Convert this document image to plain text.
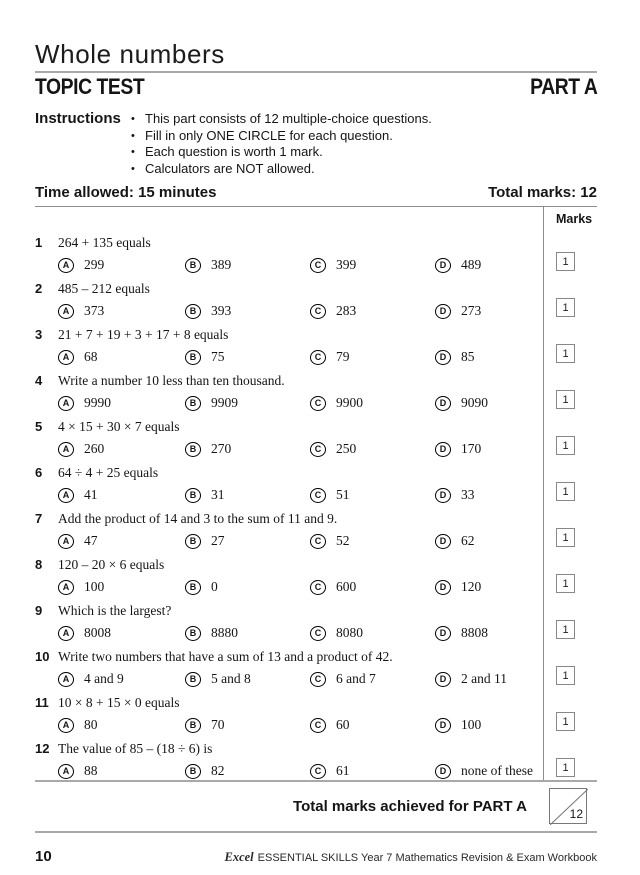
Whole numbers
TOPIC TEST	PART A
Instructions • This part consists of 12 multiple-choice questions.
• Fill in only ONE CIRCLE for each question.
• Each question is worth 1 mark.
• Calculators are NOT allowed.
Time allowed: 15 minutes	Total marks: 12
Marks
1	264 + 135 equals
A 299	B 389	C 399	D 489	1
2	485 – 212 equals
A 373	B 393	C 283	D 273	1
3	21 + 7 + 19 + 3 + 17 + 8 equals
A 68	B 75	C 79	D 85	1
4	Write a number 10 less than ten thousand.
A 9990	B 9909	C 9900	D 9090	1
5	4 × 15 + 30 × 7 equals
A 260	B 270	C 250	D 170	1
6	64 ÷ 4 + 25 equals
A 41	B 31	C 51	D 33	1
7	Add the product of 14 and 3 to the sum of 11 and 9.
A 47	B 27	C 52	D 62	1
8	120 – 20 × 6 equals
A 100	B 0	C 600	D 120	1
9	Which is the largest?
A 8008	B 8880	C 8080	D 8808	1
10 Write two numbers that have a sum of 13 and a product of 42.
A 4 and 9	B 5 and 8	C 6 and 7	D 2 and 11	1
11 10 × 8 + 15 × 0 equals
A 80	B 70	C 60	D 100	1
12 The value of 85 – (18 ÷ 6) is
A 88	B 82	C 61	D none of these	1
Total marks achieved for PART A	12
10	Excel ESSENTIAL SKILLS Year 7 Mathematics Revision & Exam Workbook
